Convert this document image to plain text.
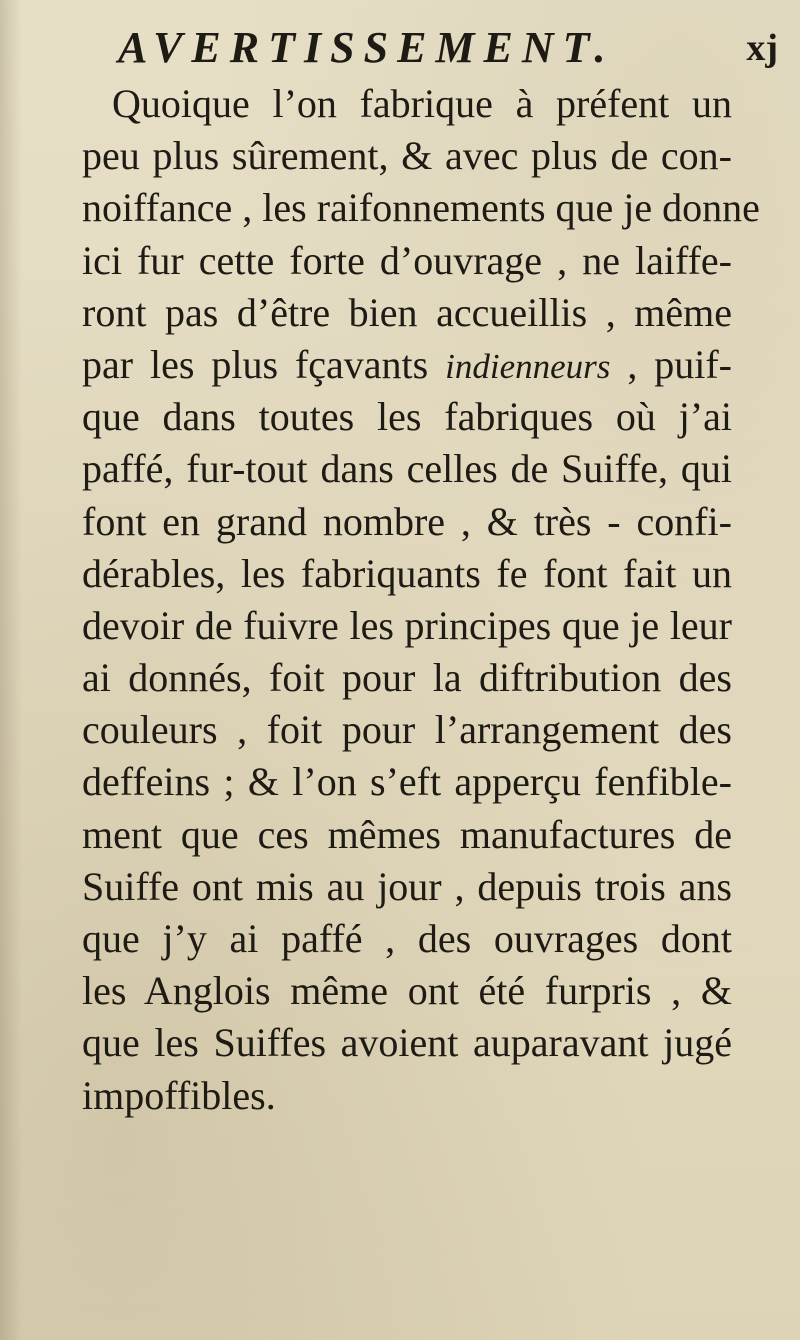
AVERTISSEMENT.	xj
Quoique l’on fabrique à préfent un
peu plus sûrement, & avec plus de con-
noiffance , les raifonnements que je donne
ici fur cette forte d’ouvrage , ne laiffe-
ront pas d’être bien accueillis , même
par les plus fçavants indienneurs , puif-
que dans toutes les fabriques où j’ai
paffé, fur-tout dans celles de Suiffe, qui
font en grand nombre , & très - confi-
dérables, les fabriquants fe font fait un
devoir de fuivre les principes que je leur
ai donnés, foit pour la diftribution des
couleurs , foit pour l’arrangement des
deffeins ; & l’on s’eft apperçu fenfible-
ment que ces mêmes manufactures de
Suiffe ont mis au jour , depuis trois ans
que j’y ai paffé , des ouvrages dont
les Anglois même ont été furpris , &
que les Suiffes avoient auparavant jugé
impoffibles.
